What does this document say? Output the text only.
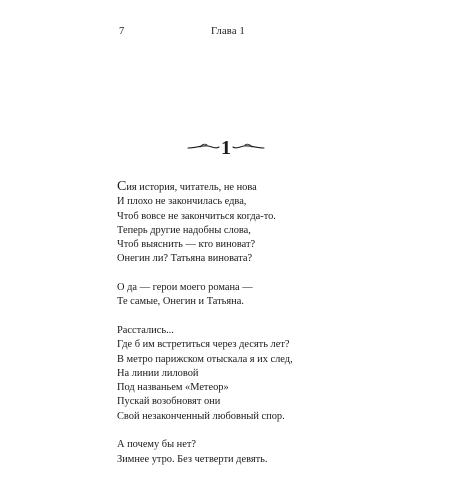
7	Глава 1
1
Сия история, читатель, не нова
И плохо не закончилась едва,
Чтоб вовсе не закончиться когда-то.
Теперь другие надобны слова,
Чтоб выяснить — кто виноват?
Онегин ли? Татьяна виновата?
О да — герои моего романа —
Те самые, Онегин и Татьяна.
Расстались...
Где б им встретиться через десять лет?
В метро парижском отыскала я их след,
На линии лиловой
Под названьем «Метеор»
Пускай возобновят они
Свой незаконченный любовный спор.
А почему бы нет?
Зимнее утро. Без четверти девять.
